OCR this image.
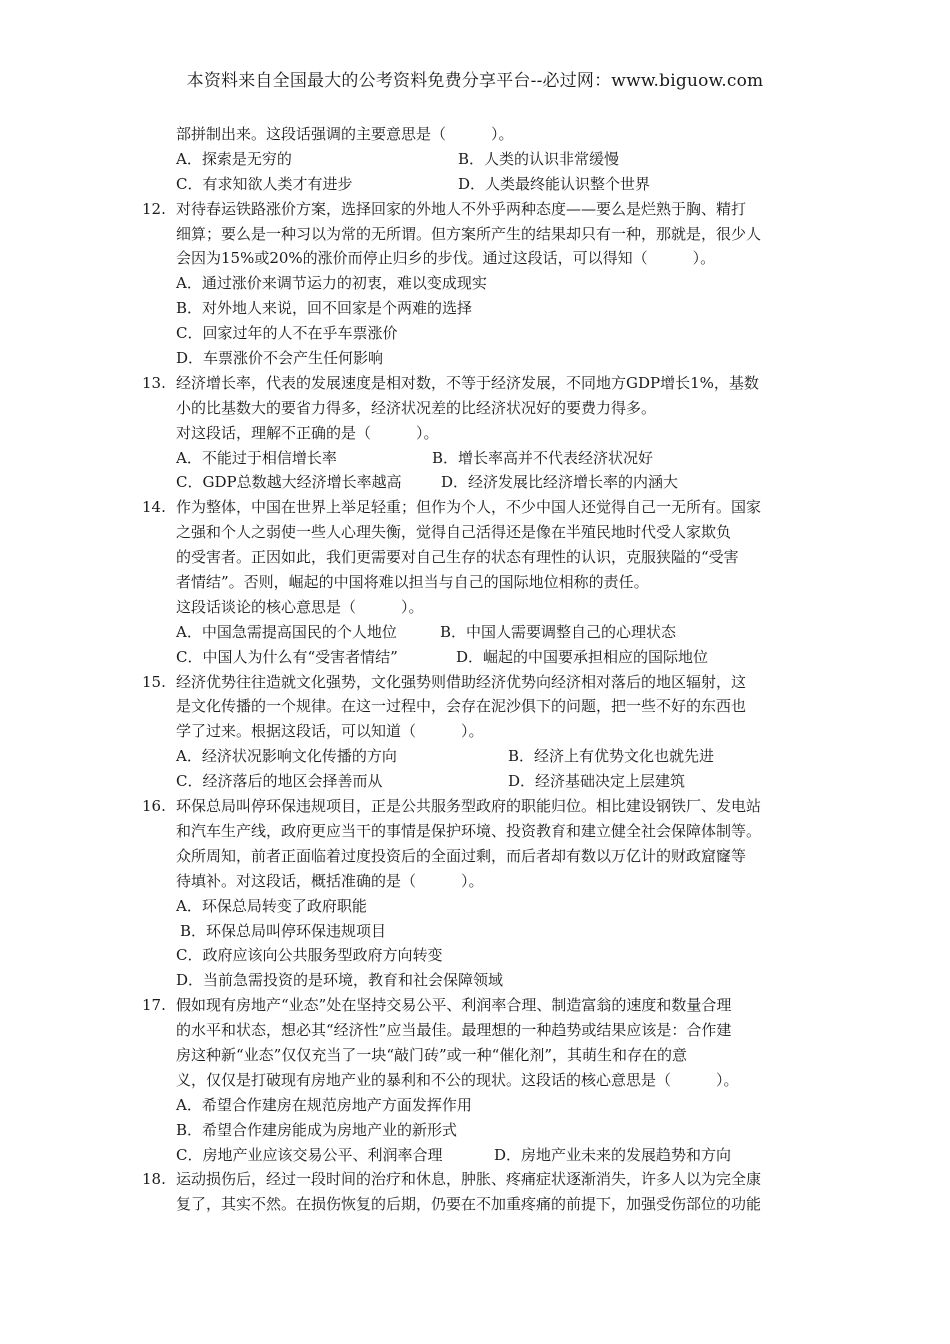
本资料来自全国最大的公考资料免费分享平台--必过网：www.biguow.com
部拼制出来。这段话强调的主要意思是（　　　）。
A．探索是无穷的	B．人类的认识非常缓慢
C．有求知欲人类才有进步	D．人类最终能认识整个世界
12. 对待春运铁路涨价方案，选择回家的外地人不外乎两种态度——要么是烂熟于胸、精打
细算；要么是一种习以为常的无所谓。但方案所产生的结果却只有一种，那就是，很少人
会因为15%或20%的涨价而停止归乡的步伐。通过这段话，可以得知（　　　）。
A．通过涨价来调节运力的初衷，难以变成现实
B．对外地人来说，回不回家是个两难的选择
C．回家过年的人不在乎车票涨价
D．车票涨价不会产生任何影响
13. 经济增长率，代表的发展速度是相对数，不等于经济发展，不同地方GDP增长1%，基数
小的比基数大的要省力得多，经济状况差的比经济状况好的要费力得多。
对这段话，理解不正确的是（　　　）。
A．不能过于相信增长率	B．增长率高并不代表经济状况好
C．GDP总数越大经济增长率越高	D．经济发展比经济增长率的内涵大
14. 作为整体，中国在世界上举足轻重；但作为个人，不少中国人还觉得自己一无所有。国家
之强和个人之弱使一些人心理失衡，觉得自己活得还是像在半殖民地时代受人家欺负
的受害者。正因如此，我们更需要对自己生存的状态有理性的认识，克服狭隘的“受害
者情结”。否则，崛起的中国将难以担当与自己的国际地位相称的责任。
这段话谈论的核心意思是（　　　）。
A．中国急需提高国民的个人地位	B．中国人需要调整自己的心理状态
C．中国人为什么有“受害者情结”	D．崛起的中国要承担相应的国际地位
15. 经济优势往往造就文化强势，文化强势则借助经济优势向经济相对落后的地区辐射，这
是文化传播的一个规律。在这一过程中，会存在泥沙俱下的问题，把一些不好的东西也
学了过来。根据这段话，可以知道（　　　）。
A．经济状况影响文化传播的方向	B．经济上有优势文化也就先进
C．经济落后的地区会择善而从	D．经济基础决定上层建筑
16. 环保总局叫停环保违规项目，正是公共服务型政府的职能归位。相比建设钢铁厂、发电站
和汽车生产线，政府更应当干的事情是保护环境、投资教育和建立健全社会保障体制等。
众所周知，前者正面临着过度投资后的全面过剩，而后者却有数以万亿计的财政窟窿等
待填补。对这段话，概括准确的是（　　　）。
A．环保总局转变了政府职能
B．环保总局叫停环保违规项目
C．政府应该向公共服务型政府方向转变
D．当前急需投资的是环境，教育和社会保障领域
17. 假如现有房地产“业态”处在坚持交易公平、利润率合理、制造富翁的速度和数量合理
的水平和状态，想必其“经济性”应当最佳。最理想的一种趋势或结果应该是：合作建
房这种新“业态”仅仅充当了一块“敲门砖”或一种“催化剂”，其萌生和存在的意
义，仅仅是打破现有房地产业的暴利和不公的现状。这段话的核心意思是（　　　）。
A．希望合作建房在规范房地产方面发挥作用
B．希望合作建房能成为房地产业的新形式
C．房地产业应该交易公平、利润率合理	D．房地产业未来的发展趋势和方向
18. 运动损伤后，经过一段时间的治疗和休息，肿胀、疼痛症状逐渐消失，许多人以为完全康
复了，其实不然。在损伤恢复的后期，仍要在不加重疼痛的前提下，加强受伤部位的功能
